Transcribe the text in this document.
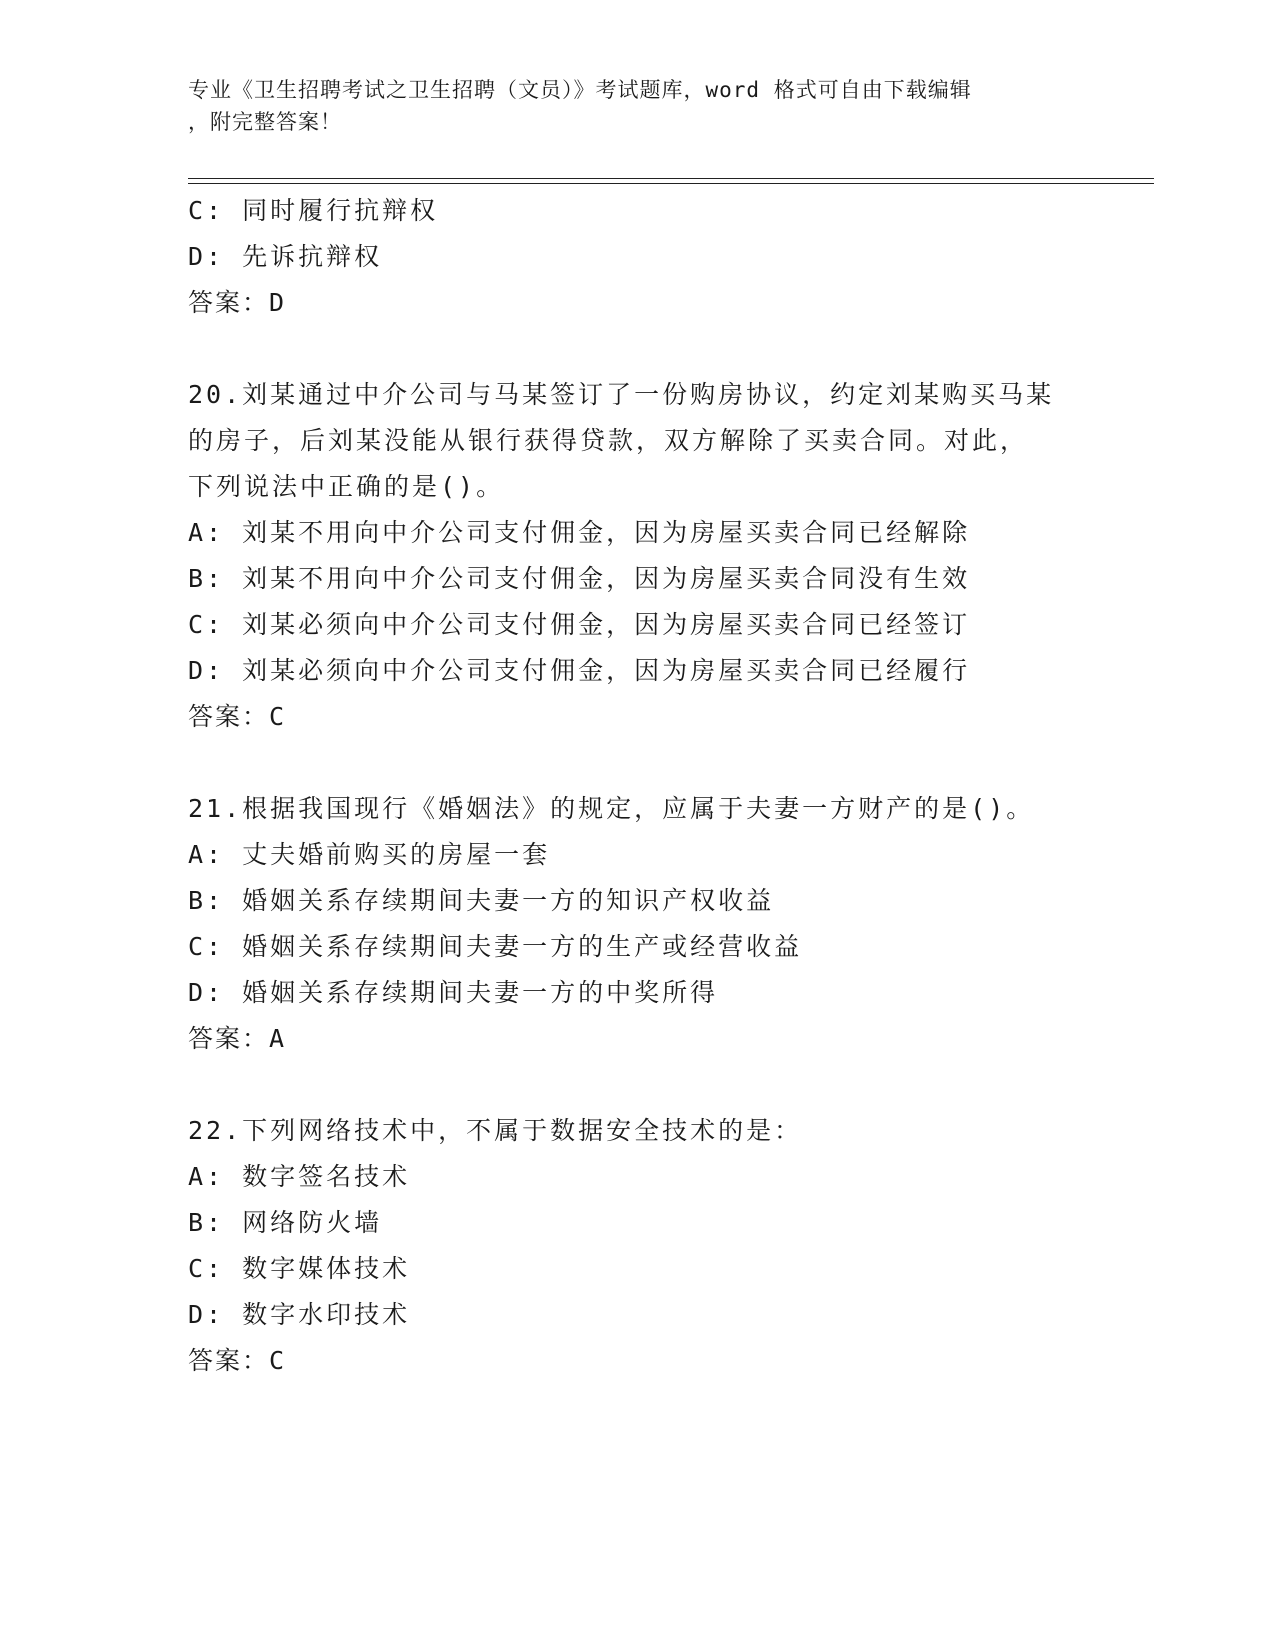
专业《卫生招聘考试之卫生招聘（文员）》考试题库，word 格式可自由下载编辑
，附完整答案！
C: 同时履行抗辩权
D: 先诉抗辩权
答案：D
20.刘某通过中介公司与马某签订了一份购房协议，约定刘某购买马某
的房子，后刘某没能从银行获得贷款，双方解除了买卖合同。对此，
下列说法中正确的是()。
A: 刘某不用向中介公司支付佣金，因为房屋买卖合同已经解除
B: 刘某不用向中介公司支付佣金，因为房屋买卖合同没有生效
C: 刘某必须向中介公司支付佣金，因为房屋买卖合同已经签订
D: 刘某必须向中介公司支付佣金，因为房屋买卖合同已经履行
答案：C
21.根据我国现行《婚姻法》的规定，应属于夫妻一方财产的是()。
A: 丈夫婚前购买的房屋一套
B: 婚姻关系存续期间夫妻一方的知识产权收益
C: 婚姻关系存续期间夫妻一方的生产或经营收益
D: 婚姻关系存续期间夫妻一方的中奖所得
答案：A
22.下列网络技术中，不属于数据安全技术的是：
A: 数字签名技术
B: 网络防火墙
C: 数字媒体技术
D: 数字水印技术
答案：C
